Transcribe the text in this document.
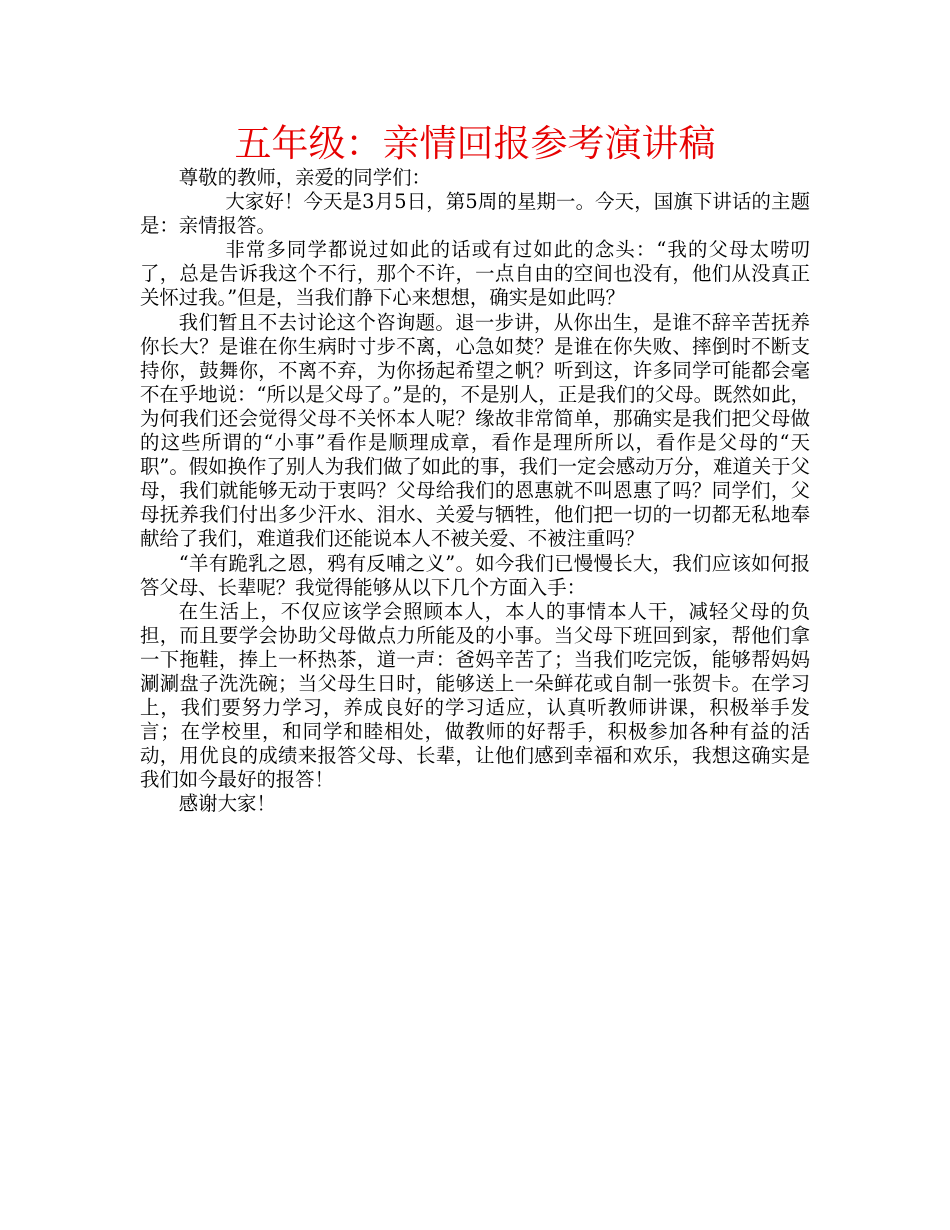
五年级：亲情回报参考演讲稿

尊敬的教师，亲爱的同学们：

大家好！今天是3月5日，第5周的星期一。今天，国旗下讲话的主题是：亲情报答。

非常多同学都说过如此的话或有过如此的念头：“我的父母太唠叨了，总是告诉我这个不行，那个不许，一点自由的空间也没有，他们从没真正关怀过我。”但是，当我们静下心来想想，确实是如此吗？

我们暂且不去讨论这个咨询题。退一步讲，从你出生，是谁不辞辛苦抚养你长大？是谁在你生病时寸步不离，心急如焚？是谁在你失败、摔倒时不断支持你，鼓舞你，不离不弃，为你扬起希望之帆？听到这，许多同学可能都会毫不在乎地说：“所以是父母了。”是的，不是别人，正是我们的父母。既然如此，为何我们还会觉得父母不关怀本人呢？缘故非常简单，那确实是我们把父母做的这些所谓的“小事”看作是顺理成章，看作是理所所以，看作是父母的“天职”。假如换作了别人为我们做了如此的事，我们一定会感动万分，难道关于父母，我们就能够无动于衷吗？父母给我们的恩惠就不叫恩惠了吗？同学们，父母抚养我们付出多少汗水、泪水、关爱与牺牲，他们把一切的一切都无私地奉献给了我们，难道我们还能说本人不被关爱、不被注重吗？

“羊有跪乳之恩，鸦有反哺之义”。如今我们已慢慢长大，我们应该如何报答父母、长辈呢？我觉得能够从以下几个方面入手：

在生活上，不仅应该学会照顾本人，本人的事情本人干，减轻父母的负担，而且要学会协助父母做点力所能及的小事。当父母下班回到家，帮他们拿一下拖鞋，捧上一杯热茶，道一声：爸妈辛苦了；当我们吃完饭，能够帮妈妈涮涮盘子洗洗碗；当父母生日时，能够送上一朵鲜花或自制一张贺卡。在学习上，我们要努力学习，养成良好的学习适应，认真听教师讲课，积极举手发言；在学校里，和同学和睦相处，做教师的好帮手，积极参加各种有益的活动，用优良的成绩来报答父母、长辈，让他们感到幸福和欢乐，我想这确实是我们如今最好的报答！

感谢大家！
